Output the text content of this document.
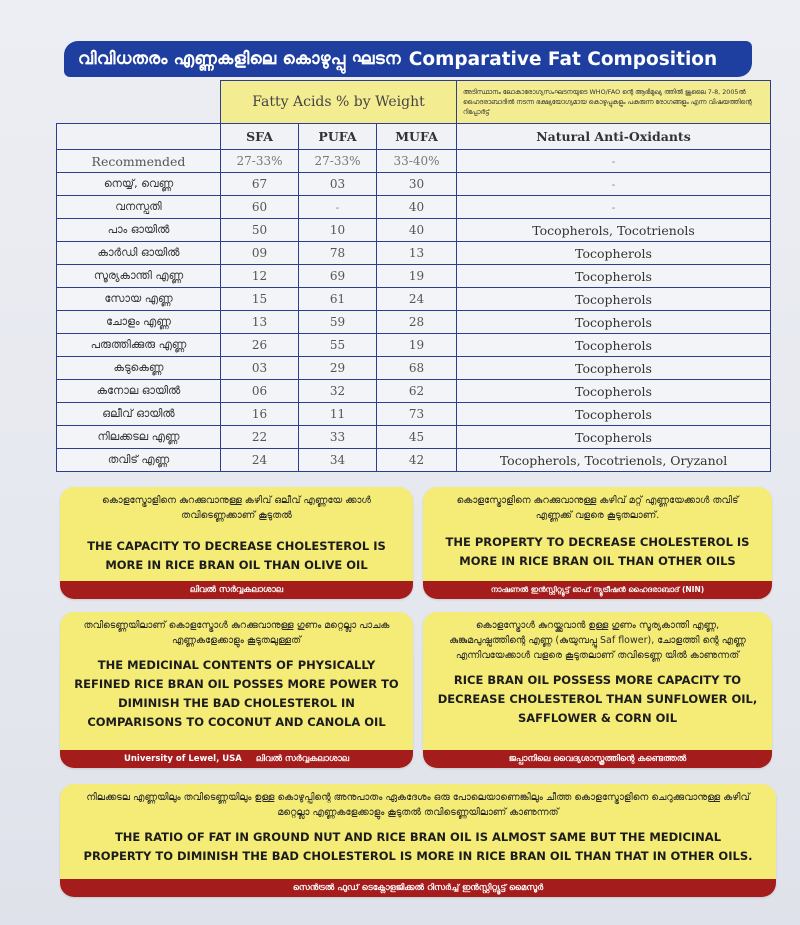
വിവിധതരം എണ്ണകളിലെ കൊഴുപ്പു ഘടന Comparative Fat Composition
	Fatty Acids % by Weight			അടിസ്ഥാനം ലോകാരോഗ്യസംഘടനയുടെ WHO/FAO ന്റെ ആഭിമുഖ്യ ത്തിൽ ജൂലൈ 7-8, 2005ൽ ഹൈദരാബാദിൽ നടന്ന ഭക്ഷ്യയോഗ്യമായ കൊഴുപ്പുകളും പകരുന്ന രോഗങ്ങളും എന്ന വിഷയത്തിന്റെ റിപ്പോർട്ട്
	SFA	PUFA	MUFA	Natural Anti-Oxidants
Recommended	27-33%	27-33%	33-40%	-
നെയ്യ്, വെണ്ണ	67	03	30	-
വനസ്പതി	60	-	40	-
പാം ഓയിൽ	50	10	40	Tocopherols, Tocotrienols
കാർഡി ഓയിൽ	09	78	13	Tocopherols
സൂര്യകാന്തി എണ്ണ	12	69	19	Tocopherols
സോയ എണ്ണ	15	61	24	Tocopherols
ചോളം എണ്ണ	13	59	28	Tocopherols
പരുത്തിക്കുരു എണ്ണ	26	55	19	Tocopherols
കടുകെണ്ണ	03	29	68	Tocopherols
കനോല ഓയിൽ	06	32	62	Tocopherols
ഒലീവ് ഓയിൽ	16	11	73	Tocopherols
നിലക്കടല എണ്ണ	22	33	45	Tocopherols
തവിട് എണ്ണ	24	34	42	Tocopherols, Tocotrienols, Oryzanol
കൊളസ്ട്രോളിനെ കുറക്കുവാനുള്ള കഴിവ് ഒലീവ് എണ്ണയേ ക്കാൾ തവിടെണ്ണക്കാണ് കൂടുതൽ
THE CAPACITY TO DECREASE CHOLESTEROL IS MORE IN RICE BRAN OIL THAN OLIVE OIL
ലിവൽ സർവ്വകലാശാല
കൊളസ്ട്രോളിനെ കുറക്കുവാനുള്ള കഴിവ് മറ്റ് എണ്ണയേക്കാൾ തവിട് എണ്ണക്ക് വളരെ കൂടുതലാണ്.
THE PROPERTY TO DECREASE CHOLESTEROL IS MORE IN RICE BRAN OIL THAN OTHER OILS
നാഷണൽ ഇൻസ്റ്റിറ്റ്യൂട്ട് ഓഫ് ന്യൂട്രീഷൻ ഹൈദരാബാദ് (NIN)
തവിടെണ്ണയിലാണ് കൊളസ്ട്രോൾ കുറക്കുവാനുള്ള ഗുണം മറ്റെല്ലാ പാചക എണ്ണകളേക്കാളും കൂടുതലുള്ളത്
THE MEDICINAL CONTENTS OF PHYSICALLY REFINED RICE BRAN OIL POSSES MORE POWER TO DIMINISH THE BAD CHOLESTEROL IN COMPARISONS TO COCONUT AND CANOLA OIL
University of Lewel, USA ലിവൽ സർവ്വകലാശാല
കൊളസ്ട്രോൾ കുറയ്ക്കുവാൻ ഉള്ള ഗുണം സൂര്യകാന്തി എണ്ണ, കുങ്കുമപുഷ്പത്തിന്റെ എണ്ണ (കുയുമ്പപ്പൂ Saf flower), ചോളത്തി ന്റെ എണ്ണ എന്നിവയേക്കാൾ വളരെ കൂടുതലാണ് തവിടെണ്ണ യിൽ കാണുന്നത്
RICE BRAN OIL POSSESS MORE CAPACITY TO DECREASE CHOLESTEROL THAN SUNFLOWER OIL, SAFFLOWER & CORN OIL
ജപ്പാനിലെ വൈദ്യശാസ്ത്രത്തിന്റെ കണ്ടെത്തൽ
നിലക്കടല എണ്ണയിലും തവിടെണ്ണയിലും ഉള്ള കൊഴുപ്പിന്റെ അനുപാതം ഏകദേശം ഒരു പോലെയാണെങ്കിലും ചീത്ത കൊളസ്ട്രോളിനെ ചെറുക്കുവാനുള്ള കഴിവ് മറ്റെല്ലാ എണ്ണകളേക്കാളും കൂടുതൽ തവിടെണ്ണയിലാണ് കാണുന്നത്
THE RATIO OF FAT IN GROUND NUT AND RICE BRAN OIL IS ALMOST SAME BUT THE MEDICINAL PROPERTY TO DIMINISH THE BAD CHOLESTEROL IS MORE IN RICE BRAN OIL THAN THAT IN OTHER OILS.
സെൻട്രൽ ഫുഡ് ടെക്നോളജിക്കൽ റിസർച്ച് ഇൻസ്റ്റിറ്റ്യൂട്ട് മൈസൂർ
